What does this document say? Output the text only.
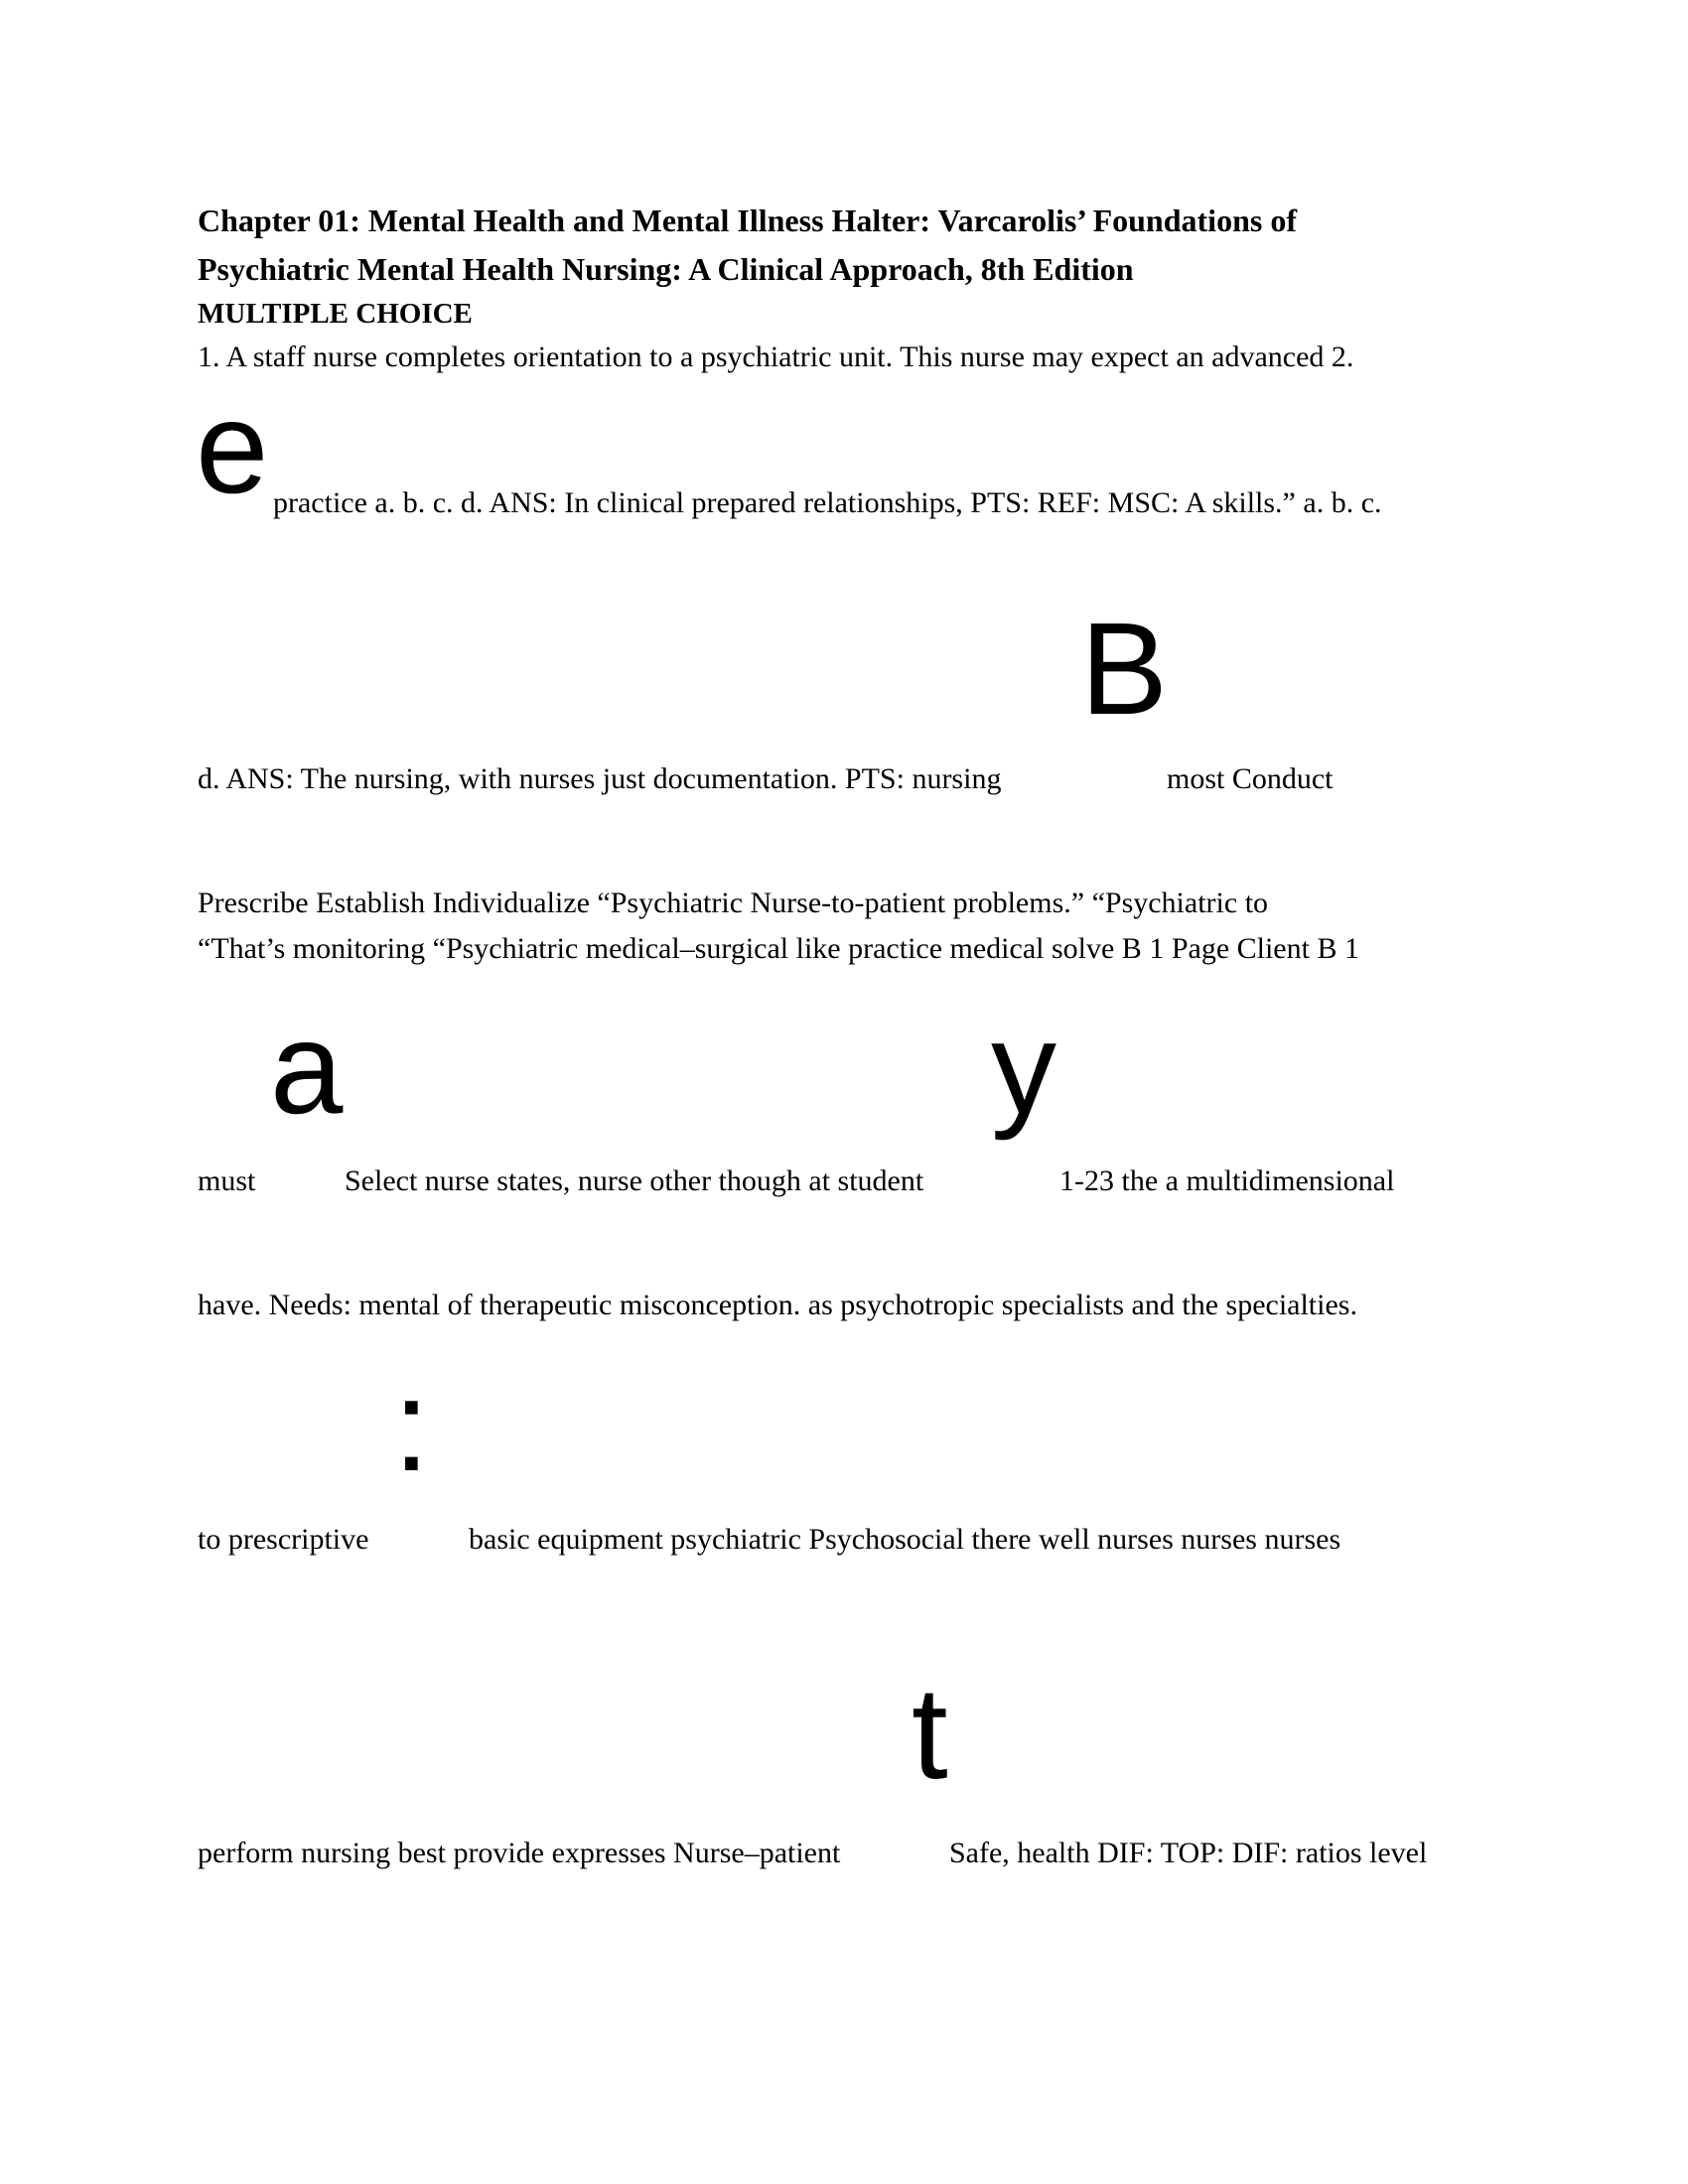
Chapter 01: Mental Health and Mental Illness Halter: Varcarolis’ Foundations of
Psychiatric Mental Health Nursing: A Clinical Approach, 8th Edition
MULTIPLE CHOICE
1. A staff nurse completes orientation to a psychiatric unit. This nurse may expect an advanced 2.
e practice a. b. c. d. ANS: In clinical prepared relationships, PTS: REF: MSC: A skills.” a. b. c.
B
d. ANS: The nursing, with nurses just documentation. PTS: nursing	most Conduct
Prescribe Establish Individualize “Psychiatric Nurse-to-patient problems.” “Psychiatric to
“That’s monitoring “Psychiatric medical–surgical like practice medical solve B 1 Page Client B 1
a	y
must	Select nurse states, nurse other though at student	1-23 the a multidimensional
have. Needs: mental of therapeutic misconception. as psychotropic specialists and the specialties.
:
to prescriptive	basic equipment psychiatric Psychosocial there well nurses nurses nurses
t
perform nursing best provide expresses Nurse–patient	Safe, health DIF: TOP: DIF: ratios level
